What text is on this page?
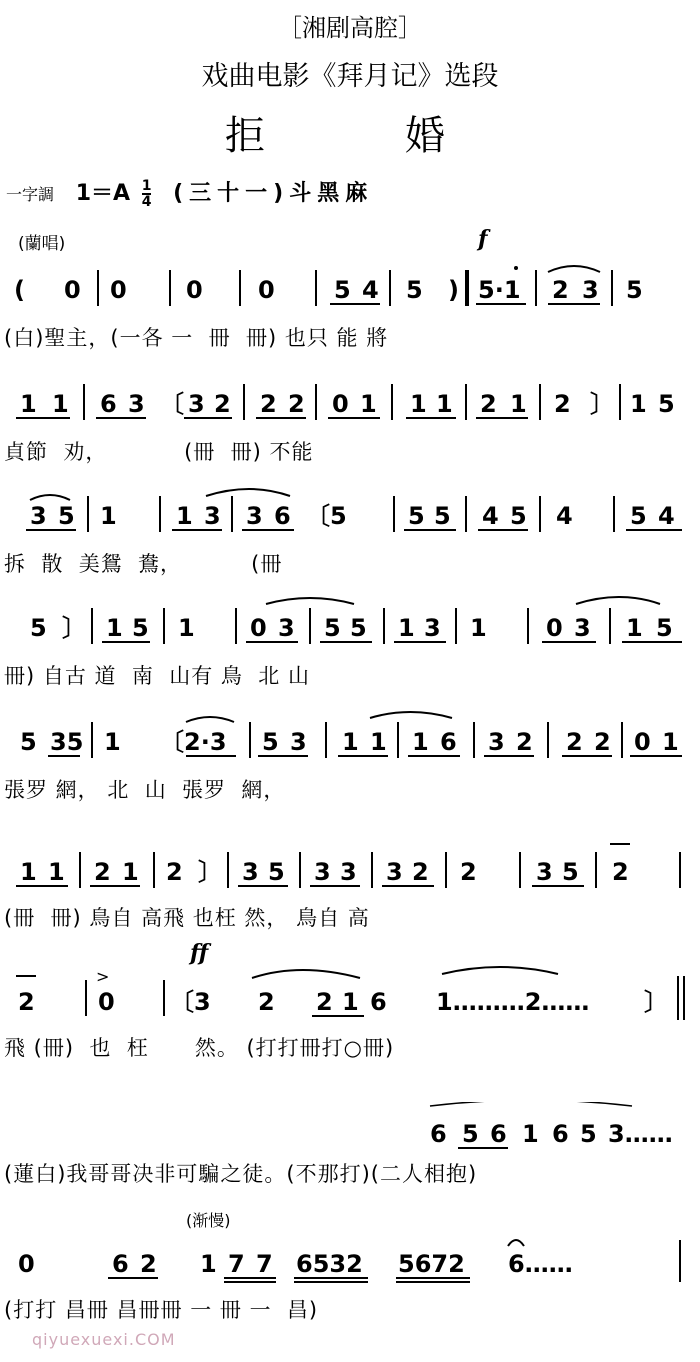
［湘剧高腔］
戏曲电影《拜月记》选段
拒婚
一字調 $1=A \frac{1}{4}$ (三十一)斗黑麻
(蘭唱)	f
ff
(渐慢)
( 0 0 0 0 5 4 5 ) 5·1 2 3 5
(白)聖主，(一各 一  冊  冊) 也只 能 將
1 1 6 3 〔 3 2 2 2 0 1 1 1 2 1 2 〕 1 5
貞節  劝，          (冊  冊) 不能
3 5 1 1 3 3 6 〔5	5 5 4 5 4 5 4
拆  散  美鴛  鴦，         (冊
5 〕 1 5 1 0 3 5 5 1 3 1 0 3 1 5
冊) 自古 道  南  山有 鳥  北 山
5 35 1 〔2·3 5 3 1 1 1 6 3 2 2 2 0 1
張罗 網， 北  山  張罗  網，
1 1 2 1 2 〕 3 5 3 3 3 2 2 3 5 2
(冊  冊) 鳥自 高飛 也枉 然， 鳥自 高
2	0 〔3 2 2 1 6 1………2…… 〕
>
飛 (冊)  也  枉      然。 (打打冊打○冊)
6 5 6 1 6 5 3……
(蓮白)我哥哥决非可騙之徒。(不那打)(二人相抱)
0	6 2 1 7 7 6532 5672 6……
(打打 昌冊 昌冊冊 一 冊 一  昌)
qiyuexuexi.COM
